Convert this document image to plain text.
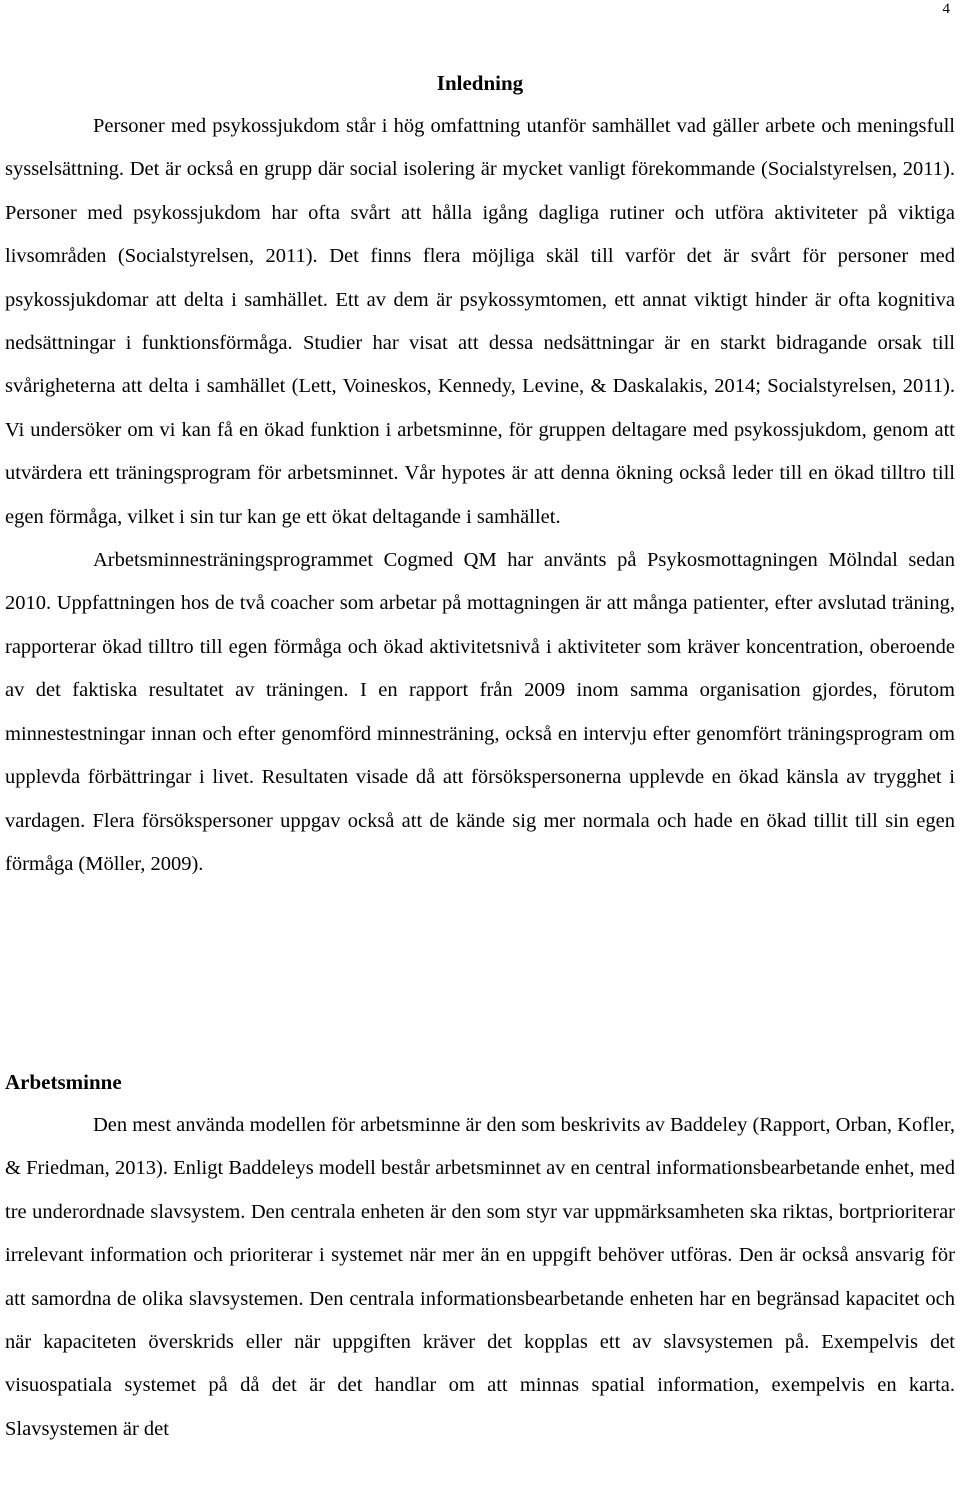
4
Inledning

Personer med psykossjukdom står i hög omfattning utanför samhället vad gäller arbete och meningsfull sysselsättning. Det är också en grupp där social isolering är mycket vanligt förekommande (Socialstyrelsen, 2011). Personer med psykossjukdom har ofta svårt att hålla igång dagliga rutiner och utföra aktiviteter på viktiga livsområden (Socialstyrelsen, 2011). Det finns flera möjliga skäl till varför det är svårt för personer med psykossjukdomar att delta i samhället. Ett av dem är psykossymtomen, ett annat viktigt hinder är ofta kognitiva nedsättningar i funktionsförmåga. Studier har visat att dessa nedsättningar är en starkt bidragande orsak till svårigheterna att delta i samhället (Lett, Voineskos, Kennedy, Levine, & Daskalakis, 2014; Socialstyrelsen, 2011). Vi undersöker om vi kan få en ökad funktion i arbetsminne, för gruppen deltagare med psykossjukdom, genom att utvärdera ett träningsprogram för arbetsminnet. Vår hypotes är att denna ökning också leder till en ökad tilltro till egen förmåga, vilket i sin tur kan ge ett ökat deltagande i samhället.

Arbetsminnesträningsprogrammet Cogmed QM har använts på Psykosmottagningen Mölndal sedan 2010. Uppfattningen hos de två coacher som arbetar på mottagningen är att många patienter, efter avslutad träning, rapporterar ökad tilltro till egen förmåga och ökad aktivitetsnivå i aktiviteter som kräver koncentration, oberoende av det faktiska resultatet av träningen. I en rapport från 2009 inom samma organisation gjordes, förutom minnestestningar innan och efter genomförd minnesträning, också en intervju efter genomfört träningsprogram om upplevda förbättringar i livet. Resultaten visade då att försökspersonerna upplevde en ökad känsla av trygghet i vardagen. Flera försökspersoner uppgav också att de kände sig mer normala och hade en ökad tillit till sin egen förmåga (Möller, 2009).

Arbetsminne

Den mest använda modellen för arbetsminne är den som beskrivits av Baddeley (Rapport, Orban, Kofler, & Friedman, 2013). Enligt Baddeleys modell består arbetsminnet av en central informationsbearbetande enhet, med tre underordnade slavsystem. Den centrala enheten är den som styr var uppmärksamheten ska riktas, bortprioriterar irrelevant information och prioriterar i systemet när mer än en uppgift behöver utföras. Den är också ansvarig för att samordna de olika slavsystemen. Den centrala informationsbearbetande enheten har en begränsad kapacitet och när kapaciteten överskrids eller när uppgiften kräver det kopplas ett av slavsystemen på. Exempelvis det visuospatiala systemet på då det är det handlar om att minnas spatial information, exempelvis en karta. Slavsystemen är det
